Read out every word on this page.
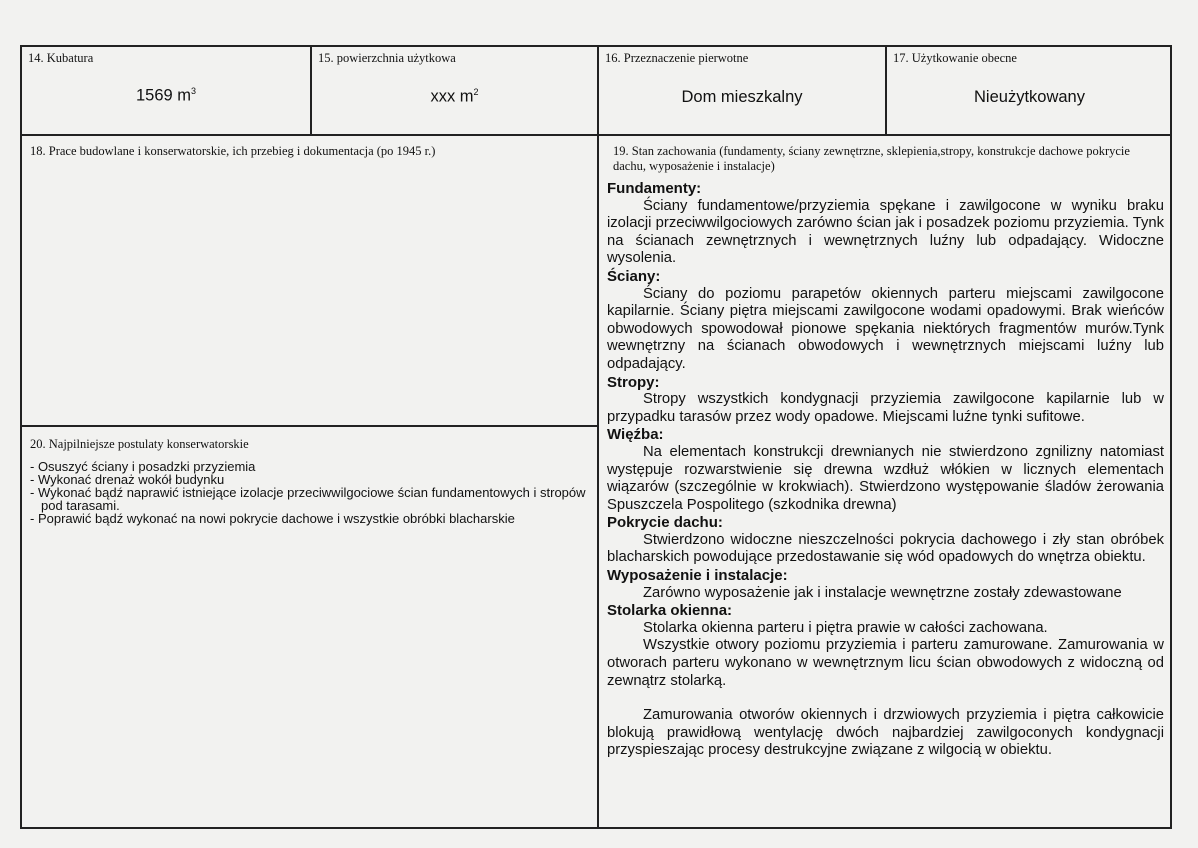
14. Kubatura
1569 $m^3$
15. powierzchnia użytkowa
xxx $m^2$
16. Przeznaczenie pierwotne
Dom mieszkalny
17. Użytkowanie obecne
Nieużytkowany
18. Prace budowlane i konserwatorskie, ich przebieg i dokumentacja (po 1945 r.)
20. Najpilniejsze postulaty konserwatorskie
- Osuszyć ściany i posadzki przyziemia
- Wykonać drenaż wokół budynku
- Wykonać bądź naprawić istniejące izolacje przeciwwilgociowe ścian fundamentowych i stropów pod tarasami.
- Poprawić bądź wykonać na nowi pokrycie dachowe i wszystkie obróbki blacharskie
19. Stan zachowania (fundamenty, ściany zewnętrzne, sklepienia,stropy, konstrukcje dachowe pokrycie dachu, wyposażenie i instalacje)
Fundamenty:

Ściany fundamentowe/przyziemia spękane i zawilgocone w wyniku braku izolacji przeciwwilgociowych zarówno ścian jak i posadzek poziomu przyziemia. Tynk na ścianach zewnętrznych i wewnętrznych luźny lub odpadający. Widoczne wysolenia.

Ściany:

Ściany do poziomu parapetów okiennych parteru miejscami zawilgocone kapilarnie. Ściany piętra miejscami zawilgocone wodami opadowymi. Brak wieńców obwodowych spowodował pionowe spękania niektórych fragmentów murów.Tynk wewnętrzny na ścianach obwodowych i wewnętrznych miejscami luźny lub odpadający.

Stropy:

Stropy wszystkich kondygnacji przyziemia zawilgocone kapilarnie lub w przypadku tarasów przez wody opadowe. Miejscami luźne tynki sufitowe.

Więźba:

Na elementach konstrukcji drewnianych nie stwierdzono zgnilizny natomiast występuje rozwarstwienie się drewna wzdłuż włókien w licznych elementach wiązarów (szczególnie w krokwiach). Stwierdzono występowanie śladów żerowania Spuszczela Pospolitego (szkodnika drewna)

Pokrycie dachu:

Stwierdzono widoczne nieszczelności pokrycia dachowego i zły stan obróbek blacharskich powodujące przedostawanie się wód opadowych do wnętrza obiektu.

Wyposażenie i instalacje:

Zarówno wyposażenie jak i instalacje wewnętrzne zostały zdewastowane

Stolarka okienna:

Stolarka okienna parteru i piętra prawie w całości zachowana.

Wszystkie otwory poziomu przyziemia i parteru zamurowane. Zamurowania w otworach parteru wykonano w wewnętrznym licu ścian obwodowych z widoczną od zewnątrz stolarką.

Zamurowania otworów okiennych i drzwiowych przyziemia i piętra całkowicie blokują prawidłową wentylację dwóch najbardziej zawilgoconych kondygnacji przyspieszając procesy destrukcyjne związane z wilgocią w obiektu.
